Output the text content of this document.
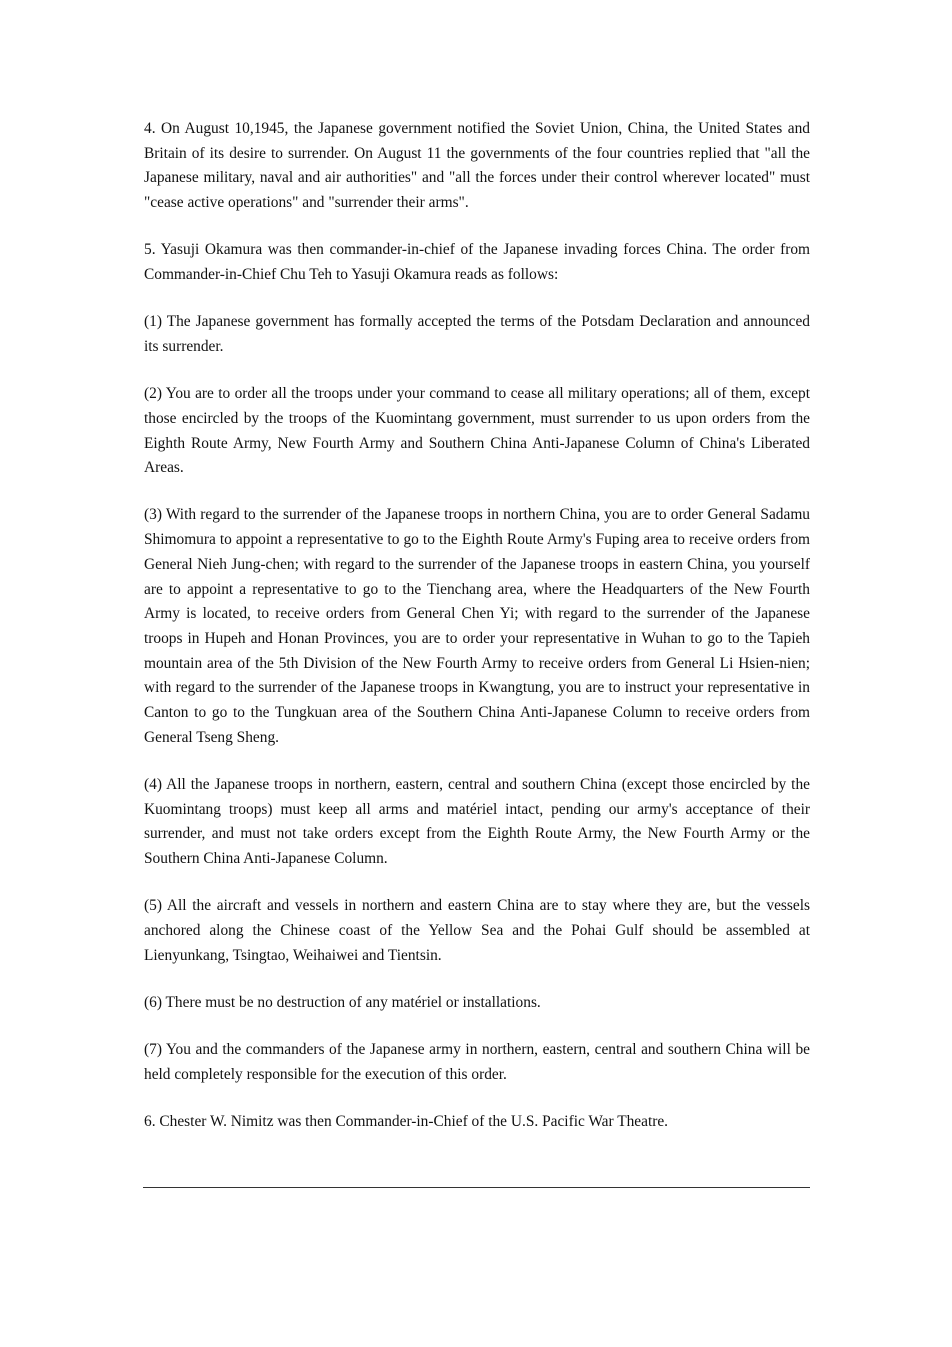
4. On August 10,1945, the Japanese government notified the Soviet Union, China, the United States and Britain of its desire to surrender. On August 11 the governments of the four countries replied that "all the Japanese military, naval and air authorities" and "all the forces under their control wherever located" must "cease active operations" and "surrender their arms".

5. Yasuji Okamura was then commander-in-chief of the Japanese invading forces China. The order from Commander-in-Chief Chu Teh to Yasuji Okamura reads as follows:

(1) The Japanese government has formally accepted the terms of the Potsdam Declaration and announced its surrender.

(2) You are to order all the troops under your command to cease all military operations; all of them, except those encircled by the troops of the Kuomintang government, must surrender to us upon orders from the Eighth Route Army, New Fourth Army and Southern China Anti-Japanese Column of China's Liberated Areas.

(3) With regard to the surrender of the Japanese troops in northern China, you are to order General Sadamu Shimomura to appoint a representative to go to the Eighth Route Army's Fuping area to receive orders from General Nieh Jung-chen; with regard to the surrender of the Japanese troops in eastern China, you yourself are to appoint a representative to go to the Tienchang area, where the Headquarters of the New Fourth Army is located, to receive orders from General Chen Yi; with regard to the surrender of the Japanese troops in Hupeh and Honan Provinces, you are to order your representative in Wuhan to go to the Tapieh mountain area of the 5th Division of the New Fourth Army to receive orders from General Li Hsien-nien; with regard to the surrender of the Japanese troops in Kwangtung, you are to instruct your representative in Canton to go to the Tungkuan area of the Southern China Anti-Japanese Column to receive orders from General Tseng Sheng.

(4) All the Japanese troops in northern, eastern, central and southern China (except those encircled by the Kuomintang troops) must keep all arms and matériel intact, pending our army's acceptance of their surrender, and must not take orders except from the Eighth Route Army, the New Fourth Army or the Southern China Anti-Japanese Column.

(5) All the aircraft and vessels in northern and eastern China are to stay where they are, but the vessels anchored along the Chinese coast of the Yellow Sea and the Pohai Gulf should be assembled at Lienyunkang, Tsingtao, Weihaiwei and Tientsin.

(6) There must be no destruction of any matériel or installations.

(7) You and the commanders of the Japanese army in northern, eastern, central and southern China will be held completely responsible for the execution of this order.

6. Chester W. Nimitz was then Commander-in-Chief of the U.S. Pacific War Theatre.
